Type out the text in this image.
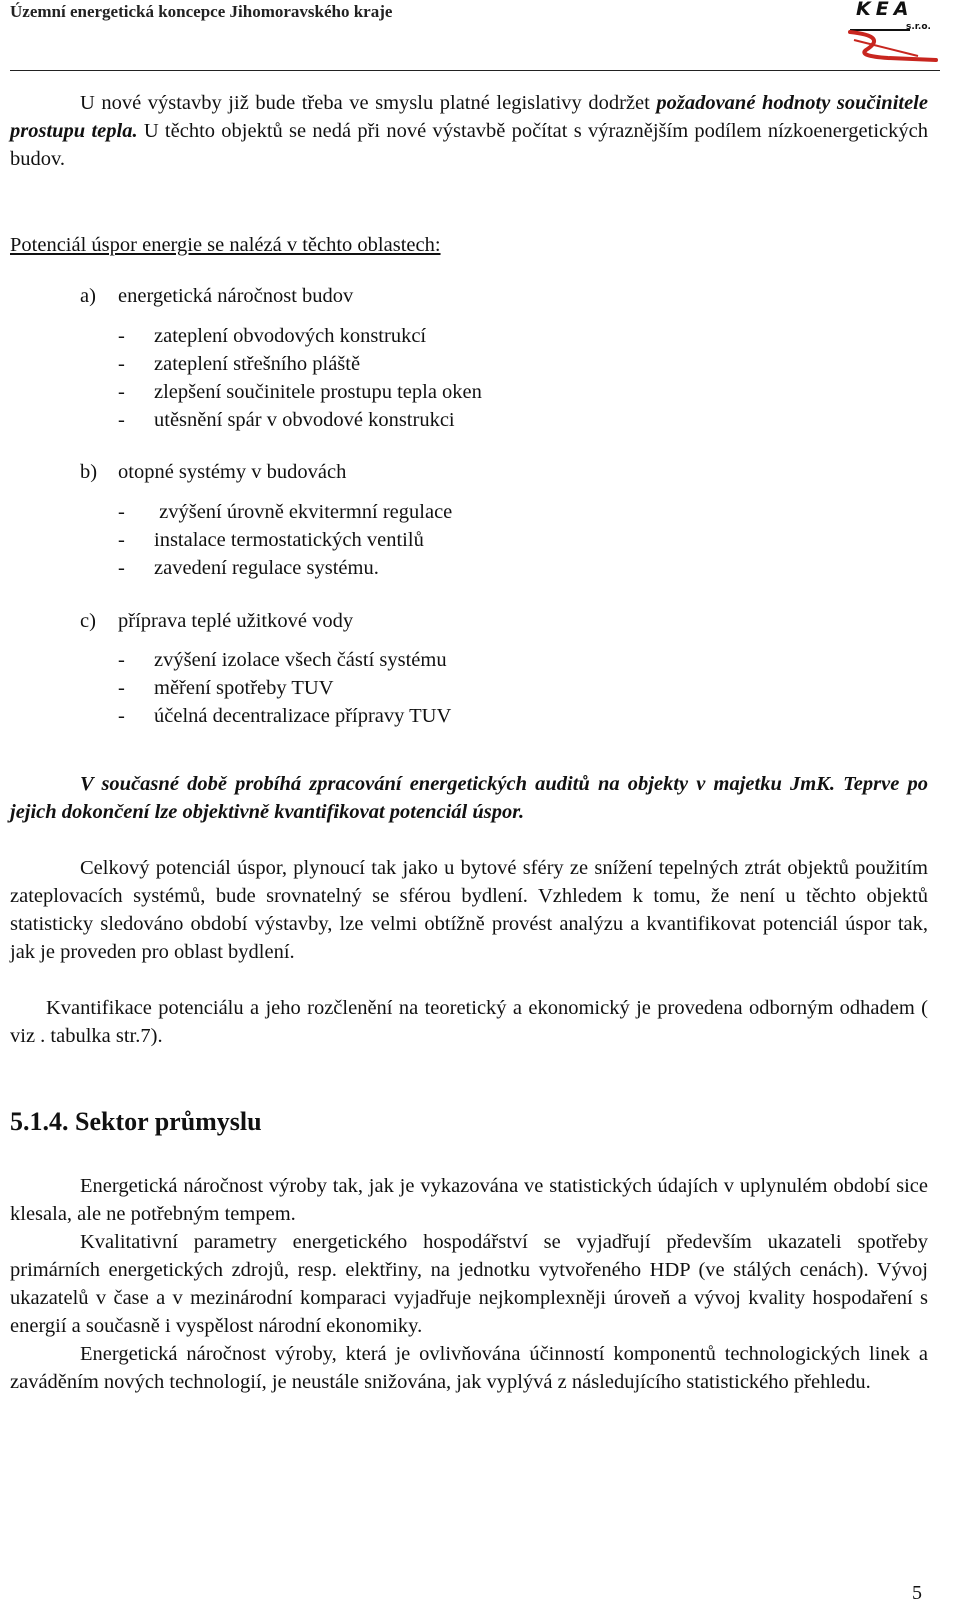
Územní energetická koncepce Jihomoravského kraje	KEA
s.r.o.

U nové výstavby již bude třeba ve smyslu platné legislativy dodržet požadované hodnoty součinitele prostupu tepla. U těchto objektů se nedá při nové výstavbě počítat s výraznějším podílem nízkoenergetických budov.

Potenciál úspor energie se nalézá v těchto oblastech:

a) energetická náročnost budov
- zateplení obvodových konstrukcí
- zateplení střešního pláště
- zlepšení součinitele prostupu tepla oken
- utěsnění spár v obvodové konstrukci
b) otopné systémy v budovách
- zvýšení úrovně ekvitermní regulace
- instalace termostatických ventilů
- zavedení regulace systému.
c) příprava teplé užitkové vody
- zvýšení izolace všech částí systému
- měření spotřeby TUV
- účelná decentralizace přípravy TUV

V současné době probíhá zpracování energetických auditů na objekty v majetku JmK. Teprve po jejich dokončení lze objektivně kvantifikovat potenciál úspor.

Celkový potenciál úspor, plynoucí tak jako u bytové sféry ze snížení tepelných ztrát objektů použitím zateplovacích systémů, bude srovnatelný se sférou bydlení. Vzhledem k tomu, že není u těchto objektů statisticky sledováno období výstavby, lze velmi obtížně provést analýzu a kvantifikovat potenciál úspor tak, jak je proveden pro oblast bydlení.

Kvantifikace potenciálu a jeho rozčlenění na teoretický a ekonomický je provedena odborným odhadem ( viz . tabulka str.7).

5.1.4. Sektor průmyslu

Energetická náročnost výroby tak, jak je vykazována ve statistických údajích v uplynulém období sice klesala, ale ne potřebným tempem.

Kvalitativní parametry energetického hospodářství se vyjadřují především ukazateli spotřeby primárních energetických zdrojů, resp. elektřiny, na jednotku vytvořeného HDP (ve stálých cenách). Vývoj ukazatelů v čase a v mezinárodní komparaci vyjadřuje nejkomplexněji úroveň a vývoj kvality hospodaření s energií a současně i vyspělost národní ekonomiky.

Energetická náročnost výroby, která je ovlivňována účinností komponentů technologických linek a zaváděním nových technologií, je neustále snižována, jak vyplývá z následujícího statistického přehledu.

5
